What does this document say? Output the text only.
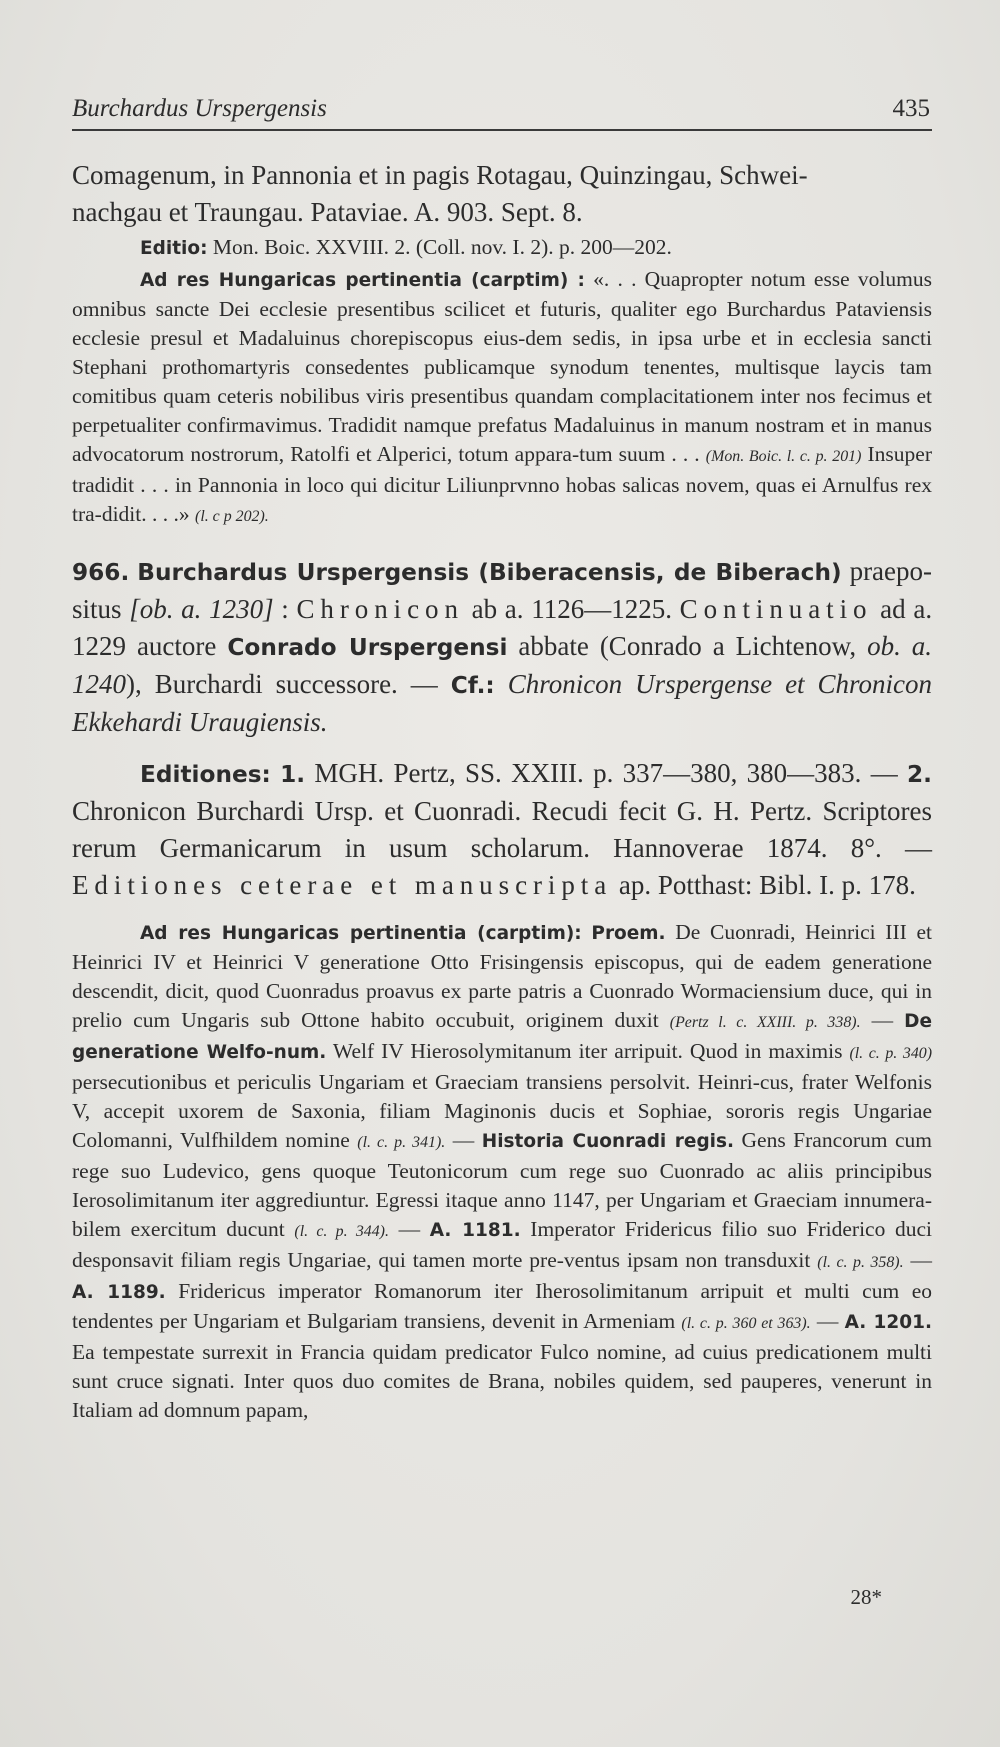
Burchardus Urspergensis	435

Comagenum, in Pannonia et in pagis Rotagau, Quinzingau, Schwei-
nachgau et Traungau. Pataviae. A. 903. Sept. 8.

Editio: Mon. Boic. XXVIII. 2. (Coll. nov. I. 2). p. 200—202.

Ad res Hungaricas pertinentia (carptim) : «. . . Quapropter notum esse volumus omnibus sancte Dei ecclesie presentibus scilicet et futuris, qualiter ego Burchardus Pataviensis ecclesie presul et Madaluinus chorepiscopus eius-dem sedis, in ipsa urbe et in ecclesia sancti Stephani prothomartyris consedentes publicamque synodum tenentes, multisque laycis tam comitibus quam ceteris nobilibus viris presentibus quandam complacitationem inter nos fecimus et perpetualiter confirmavimus. Tradidit namque prefatus Madaluinus in manum nostram et in manus advocatorum nostrorum, Ratolfi et Alperici, totum appara-tum suum . . . (Mon. Boic. l. c. p. 201) Insuper tradidit . . . in Pannonia in loco qui dicitur Liliunprvnno hobas salicas novem, quas ei Arnulfus rex tra-didit. . . .» (l. c p 202).

966. Burchardus Urspergensis (Biberacensis, de Biberach) praepo-situs [ob. a. 1230] : Chronicon ab a. 1126—1225. Continuatio ad a. 1229 auctore Conrado Urspergensi abbate (Conrado a Lichtenow, ob. a. 1240), Burchardi successore. — Cf.: Chronicon Urspergense et Chronicon Ekkehardi Uraugiensis.

Editiones: 1. MGH. Pertz, SS. XXIII. p. 337—380, 380—383. — 2. Chronicon Burchardi Ursp. et Cuonradi. Recudi fecit G. H. Pertz. Scriptores rerum Germanicarum in usum scholarum. Hannoverae 1874. 8°. — Editiones ceterae et manuscripta ap. Potthast: Bibl. I. p. 178.

Ad res Hungaricas pertinentia (carptim): Proem. De Cuonradi, Heinrici III et Heinrici IV et Heinrici V generatione Otto Frisingensis episcopus, qui de eadem generatione descendit, dicit, quod Cuonradus proavus ex parte patris a Cuonrado Wormaciensium duce, qui in prelio cum Ungaris sub Ottone habito occubuit, originem duxit (Pertz l. c. XXIII. p. 338). — De generatione Welfo-num. Welf IV Hierosolymitanum iter arripuit. Quod in maximis (l. c. p. 340) persecutionibus et periculis Ungariam et Graeciam transiens persolvit. Heinri-cus, frater Welfonis V, accepit uxorem de Saxonia, filiam Maginonis ducis et Sophiae, sororis regis Ungariae Colomanni, Vulfhildem nomine (l. c. p. 341). — Historia Cuonradi regis. Gens Francorum cum rege suo Ludevico, gens quoque Teutonicorum cum rege suo Cuonrado ac aliis principibus Ierosolimitanum iter aggrediuntur. Egressi itaque anno 1147, per Ungariam et Graeciam innumera-bilem exercitum ducunt (l. c. p. 344). — A. 1181. Imperator Fridericus filio suo Friderico duci desponsavit filiam regis Ungariae, qui tamen morte pre-ventus ipsam non transduxit (l. c. p. 358). — A. 1189. Fridericus imperator Romanorum iter Iherosolimitanum arripuit et multi cum eo tendentes per Ungariam et Bulgariam transiens, devenit in Armeniam (l. c. p. 360 et 363). — A. 1201. Ea tempestate surrexit in Francia quidam predicator Fulco nomine, ad cuius predicationem multi sunt cruce signati. Inter quos duo comites de Brana, nobiles quidem, sed pauperes, venerunt in Italiam ad domnum papam,

28*
